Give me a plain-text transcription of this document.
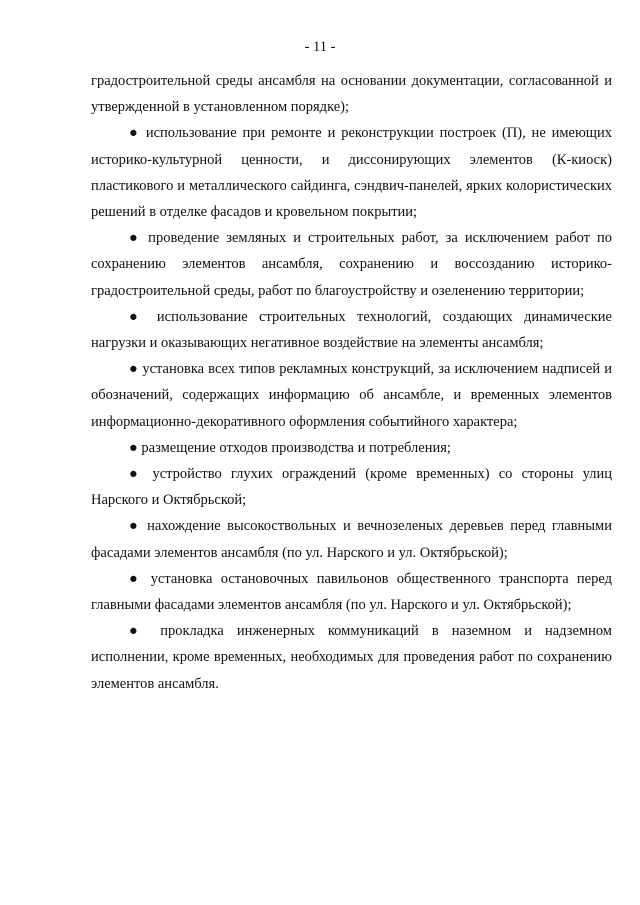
- 11 -

градостроительной среды ансамбля на основании документации, согласованной и утвержденной в установленном порядке);

● использование при ремонте и реконструкции построек (П), не имеющих историко-культурной ценности, и диссонирующих элементов (К-киоск) пластикового и металлического сайдинга, сэндвич-панелей, ярких колористических решений в отделке фасадов и кровельном покрытии;

● проведение земляных и строительных работ, за исключением работ по сохранению элементов ансамбля, сохранению и воссозданию историко-градостроительной среды, работ по благоустройству и озеленению территории;

● использование строительных технологий, создающих динамические нагрузки и оказывающих негативное воздействие на элементы ансамбля;

● установка всех типов рекламных конструкций, за исключением надписей и обозначений, содержащих информацию об ансамбле, и временных элементов информационно-декоративного оформления событийного характера;

● размещение отходов производства и потребления;

● устройство глухих ограждений (кроме временных) со стороны улиц Нарского и Октябрьской;

● нахождение высокоствольных и вечнозеленых деревьев перед главными фасадами элементов ансамбля (по ул. Нарского и ул. Октябрьской);

● установка остановочных павильонов общественного транспорта перед главными фасадами элементов ансамбля (по ул. Нарского и ул. Октябрьской);

● прокладка инженерных коммуникаций в наземном и надземном исполнении, кроме временных, необходимых для проведения работ по сохранению элементов ансамбля.
